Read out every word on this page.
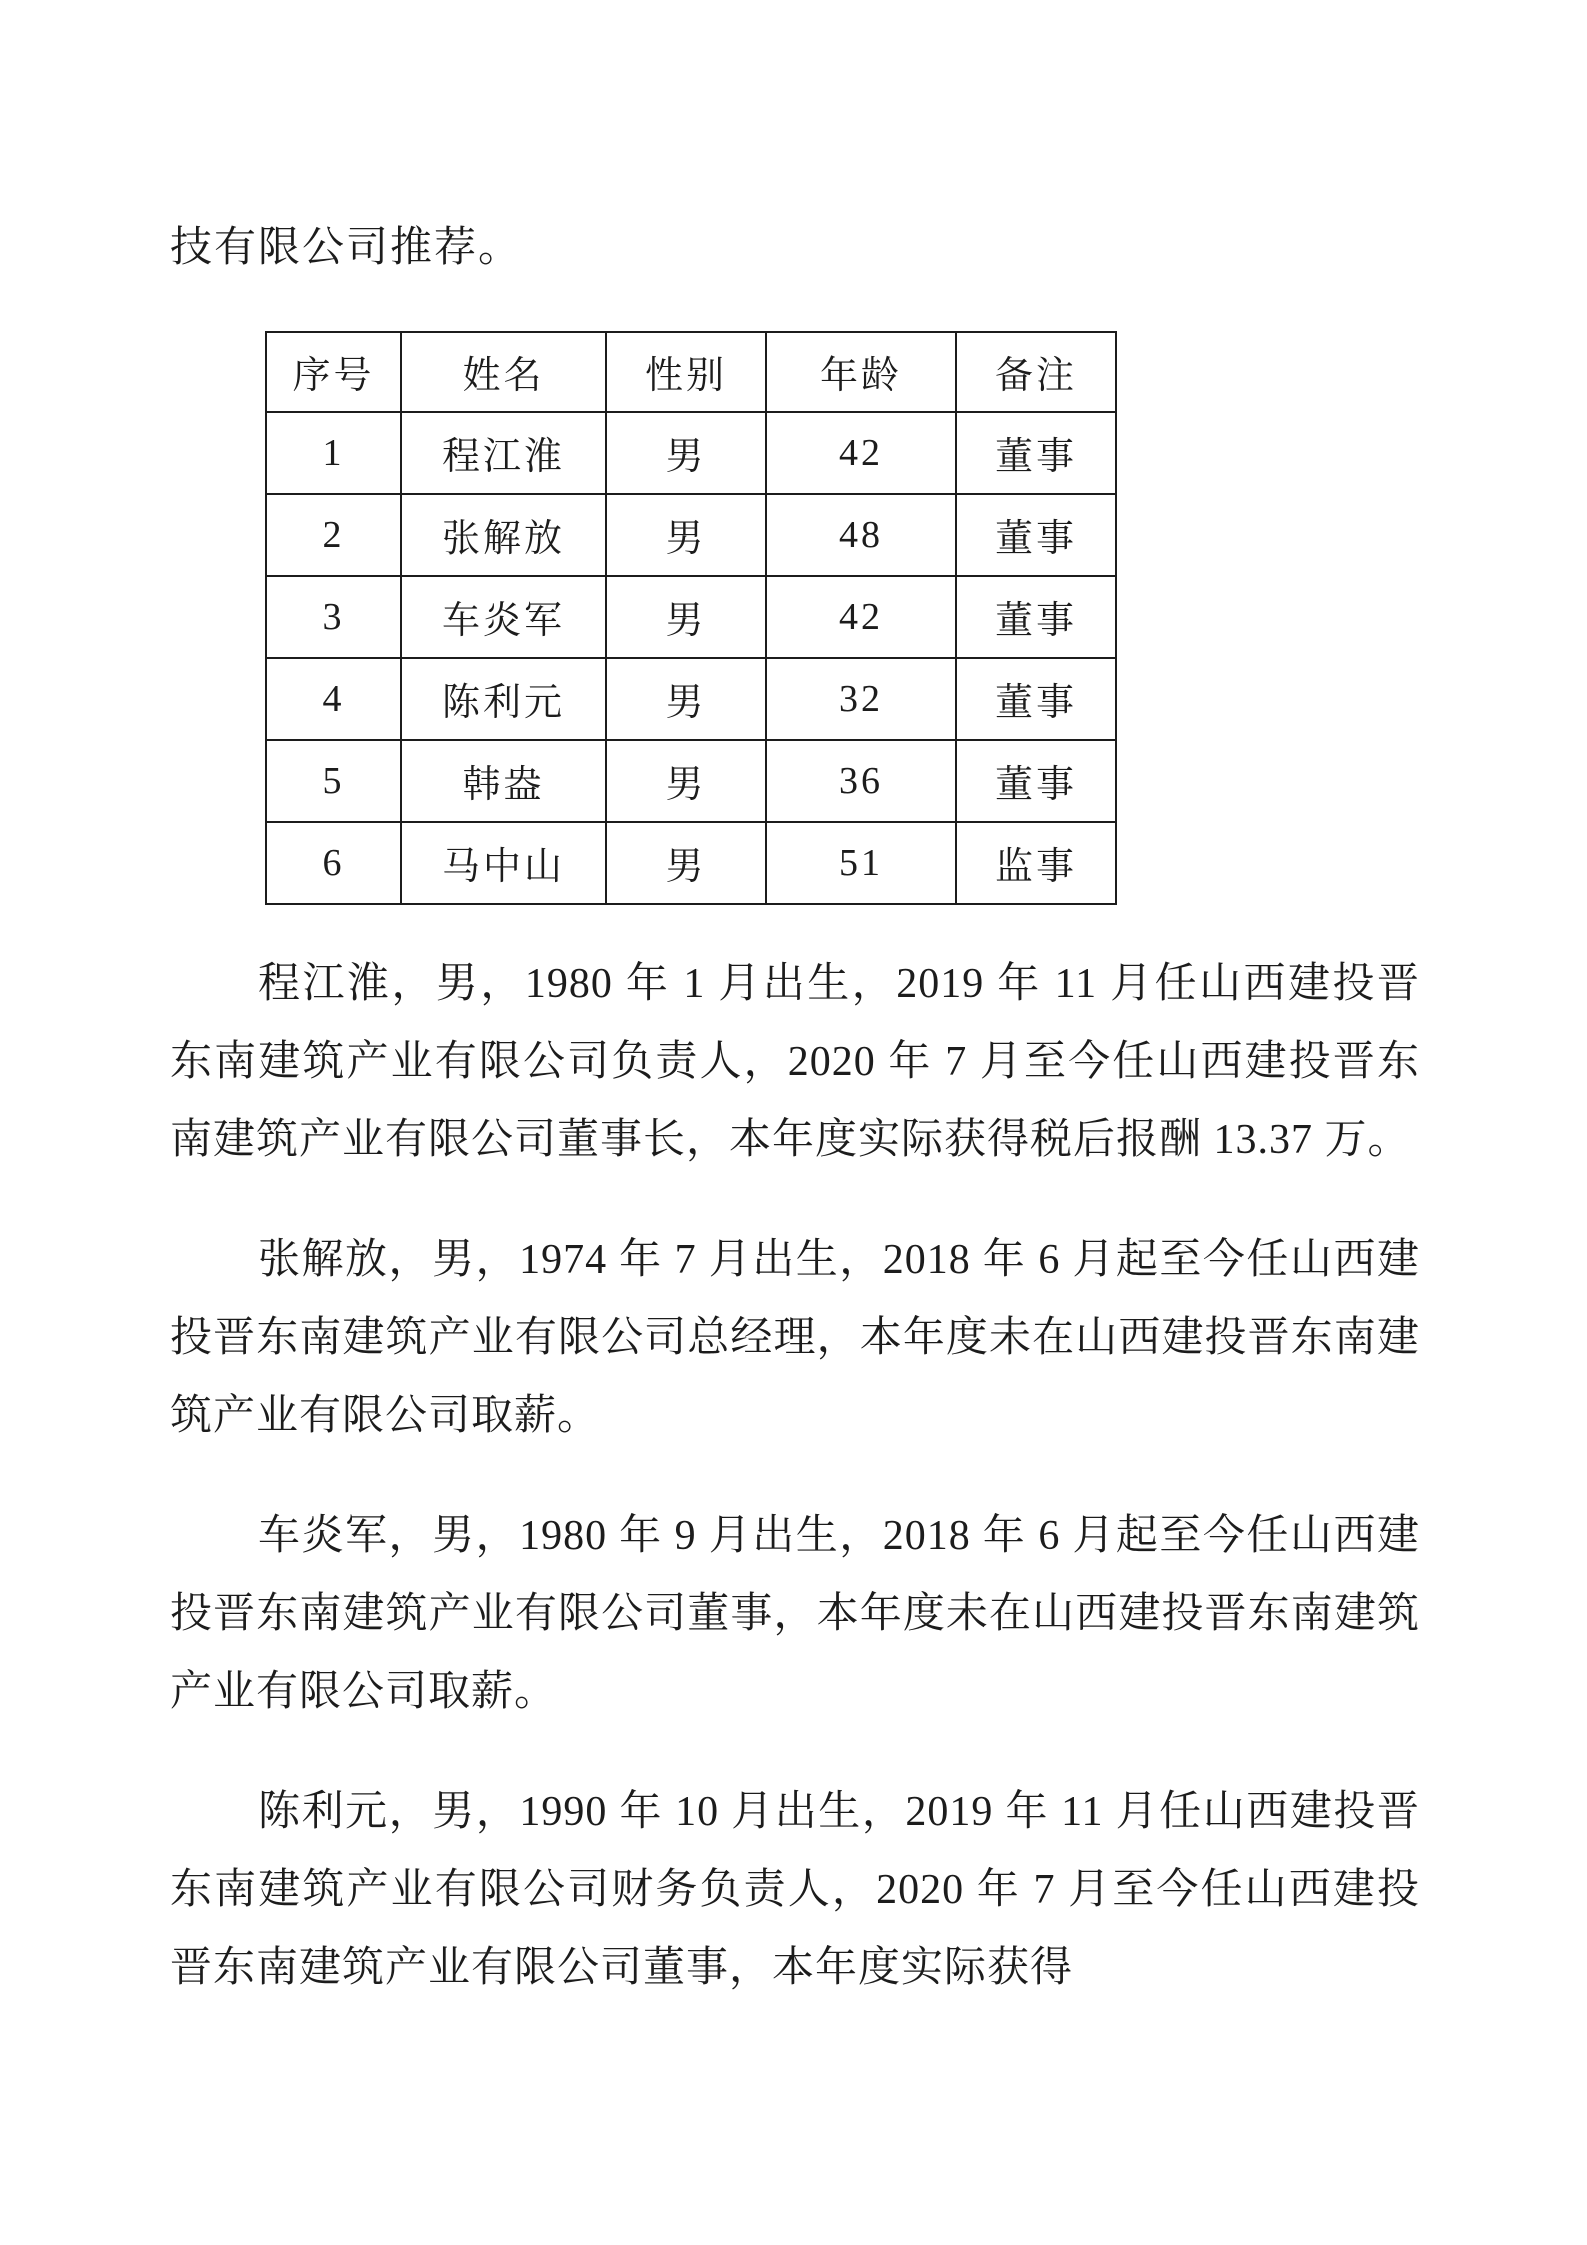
技有限公司推荐。

序号	姓名	性别	年龄	备注
1	程江淮	男	42	董事
2	张解放	男	48	董事
3	车炎军	男	42	董事
4	陈利元	男	32	董事
5	韩盎	男	36	董事
6	马中山	男	51	监事

程江淮，男，1980 年 1 月出生，2019 年 11 月任山西建投晋东南建筑产业有限公司负责人，2020 年 7 月至今任山西建投晋东南建筑产业有限公司董事长，本年度实际获得税后报酬 13.37 万。

张解放，男，1974 年 7 月出生，2018 年 6 月起至今任山西建投晋东南建筑产业有限公司总经理，本年度未在山西建投晋东南建筑产业有限公司取薪。

车炎军，男，1980 年 9 月出生，2018 年 6 月起至今任山西建投晋东南建筑产业有限公司董事，本年度未在山西建投晋东南建筑产业有限公司取薪。

陈利元，男，1990 年 10 月出生，2019 年 11 月任山西建投晋东南建筑产业有限公司财务负责人，2020 年 7 月至今任山西建投晋东南建筑产业有限公司董事，本年度实际获得
